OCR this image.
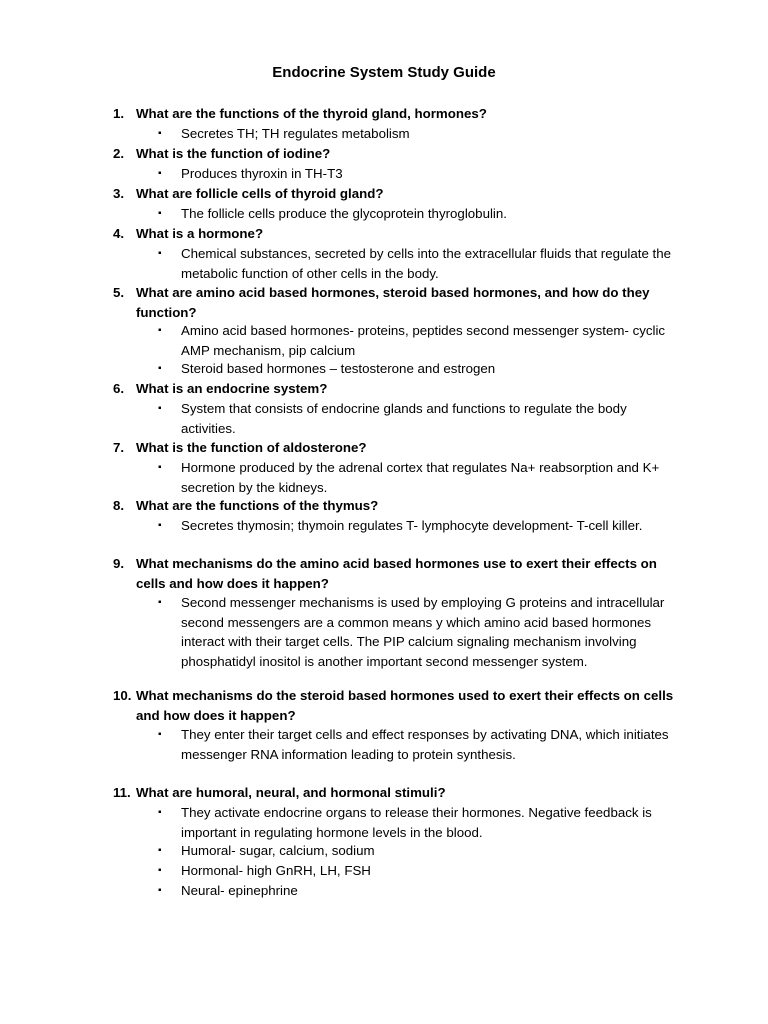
Endocrine System Study Guide
1. What are the functions of the thyroid gland, hormones?
▪	Secretes TH; TH regulates metabolism
2. What is the function of iodine?
▪	Produces thyroxin in TH-T3
3. What are follicle cells of thyroid gland?
▪	The follicle cells produce the glycoprotein thyroglobulin.
4. What is a hormone?
▪	Chemical substances, secreted by cells into the extracellular fluids that regulate the metabolic function of other cells in the body.
5. What are amino acid based hormones, steroid based hormones, and how do they function?
▪	Amino acid based hormones- proteins, peptides second messenger system- cyclic AMP mechanism, pip calcium
▪	Steroid based hormones – testosterone and estrogen
6. What is an endocrine system?
▪	System that consists of endocrine glands and functions to regulate the body activities.
7. What is the function of aldosterone?
▪	Hormone produced by the adrenal cortex that regulates Na+ reabsorption and K+ secretion by the kidneys.
8. What are the functions of the thymus?
▪	Secretes thymosin; thymoin regulates T- lymphocyte development- T-cell killer.
9. What mechanisms do the amino acid based hormones use to exert their effects on cells and how does it happen?
▪	Second messenger mechanisms is used by employing G proteins and intracellular second messengers are a common means y which amino acid based hormones interact with their target cells. The PIP calcium signaling mechanism involving phosphatidyl inositol is another important second messenger system.
10. What mechanisms do the steroid based hormones used to exert their effects on cells and how does it happen?
▪	They enter their target cells and effect responses by activating DNA, which initiates messenger RNA information leading to protein synthesis.
11. What are humoral, neural, and hormonal stimuli?
▪	They activate endocrine organs to release their hormones. Negative feedback is important in regulating hormone levels in the blood.
▪	Humoral- sugar, calcium, sodium
▪	Hormonal- high GnRH, LH, FSH
▪	Neural- epinephrine
